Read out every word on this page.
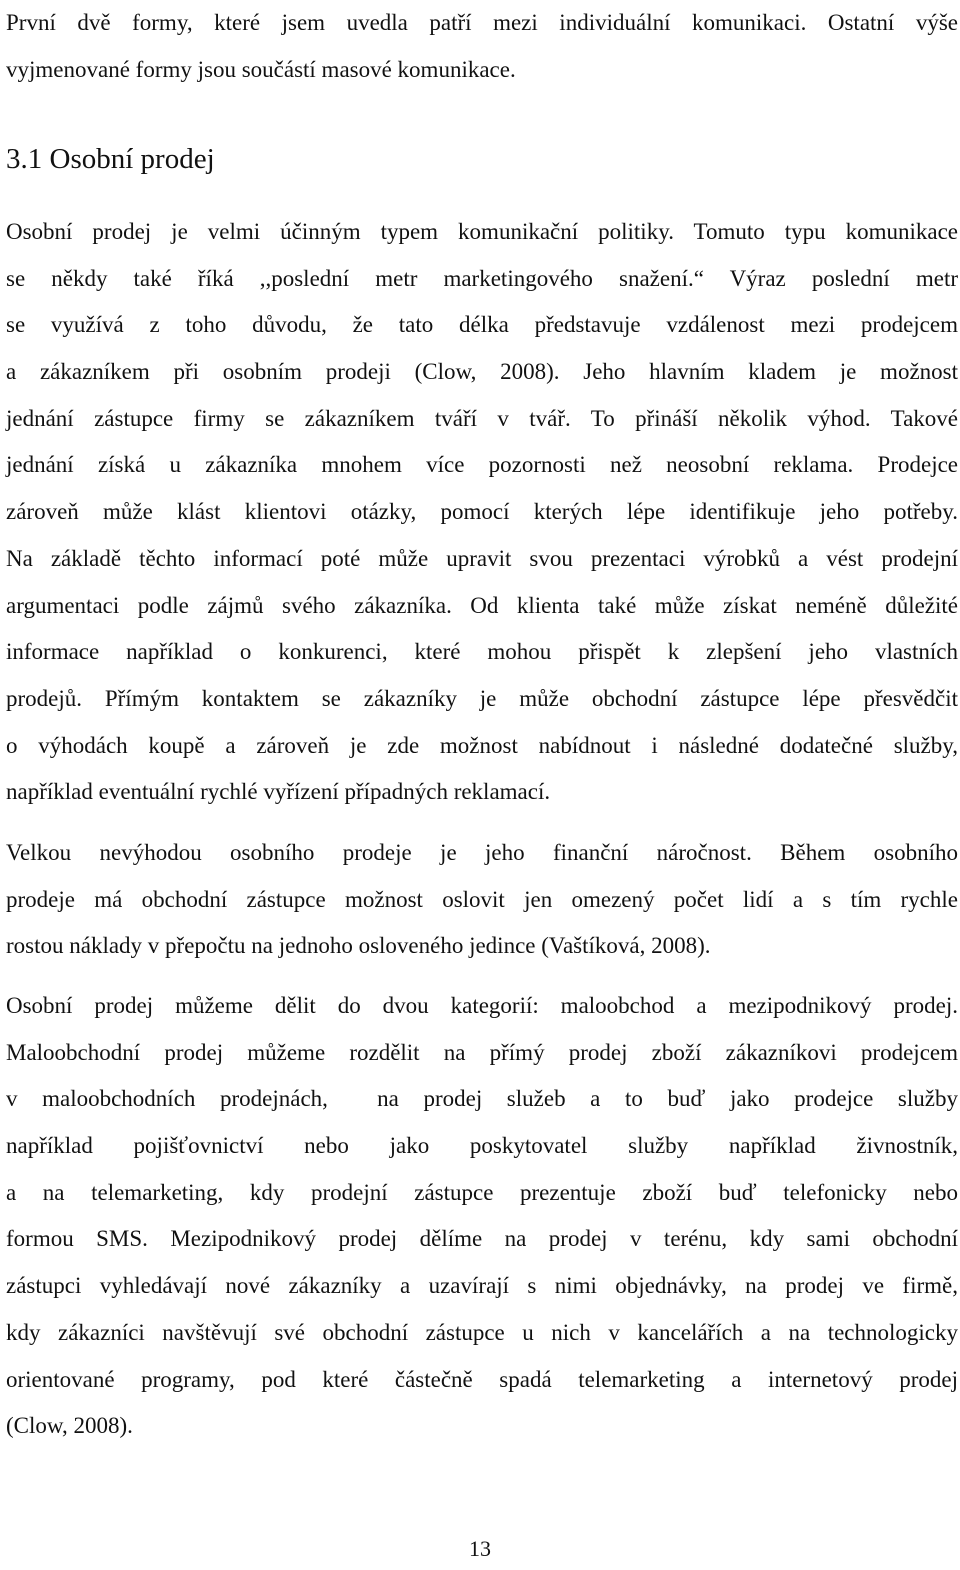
První dvě formy, které jsem uvedla patří mezi individuální komunikaci. Ostatní výše
vyjmenované formy jsou součástí masové komunikace.
3.1 Osobní prodej
Osobní prodej je velmi účinným typem komunikační politiky. Tomuto typu komunikace
se někdy také říká ,,poslední metr marketingového snažení.“ Výraz poslední metr
se využívá z toho důvodu, že tato délka představuje vzdálenost mezi prodejcem
a zákazníkem při osobním prodeji (Clow, 2008). Jeho hlavním kladem je možnost
jednání zástupce firmy se zákazníkem tváří v tvář. To přináší několik výhod. Takové
jednání získá u zákazníka mnohem více pozornosti než neosobní reklama. Prodejce
zároveň může klást klientovi otázky, pomocí kterých lépe identifikuje jeho potřeby.
Na základě těchto informací poté může upravit svou prezentaci výrobků a vést prodejní
argumentaci podle zájmů svého zákazníka. Od klienta také může získat neméně důležité
informace například o konkurenci, které mohou přispět k zlepšení jeho vlastních
prodejů. Přímým kontaktem se zákazníky je může obchodní zástupce lépe přesvědčit
o výhodách koupě a zároveň je zde možnost nabídnout i následné dodatečné služby,
například eventuální rychlé vyřízení případných reklamací.
Velkou nevýhodou osobního prodeje je jeho finanční náročnost. Během osobního
prodeje má obchodní zástupce možnost oslovit jen omezený počet lidí a s tím rychle
rostou náklady v přepočtu na jednoho osloveného jedince (Vaštíková, 2008).
Osobní prodej můžeme dělit do dvou kategorií: maloobchod a mezipodnikový prodej.
Maloobchodní prodej můžeme rozdělit na přímý prodej zboží zákazníkovi prodejcem
v maloobchodních prodejnách,  na prodej služeb a to buď jako prodejce služby
například pojišťovnictví nebo jako poskytovatel služby například živnostník,
a na telemarketing, kdy prodejní zástupce prezentuje zboží buď telefonicky nebo
formou SMS. Mezipodnikový prodej dělíme na prodej v terénu, kdy sami obchodní
zástupci vyhledávají nové zákazníky a uzavírají s nimi objednávky, na prodej ve firmě,
kdy zákazníci navštěvují své obchodní zástupce u nich v kancelářích a na technologicky
orientované programy, pod které částečně spadá telemarketing a internetový prodej
(Clow, 2008).
13
